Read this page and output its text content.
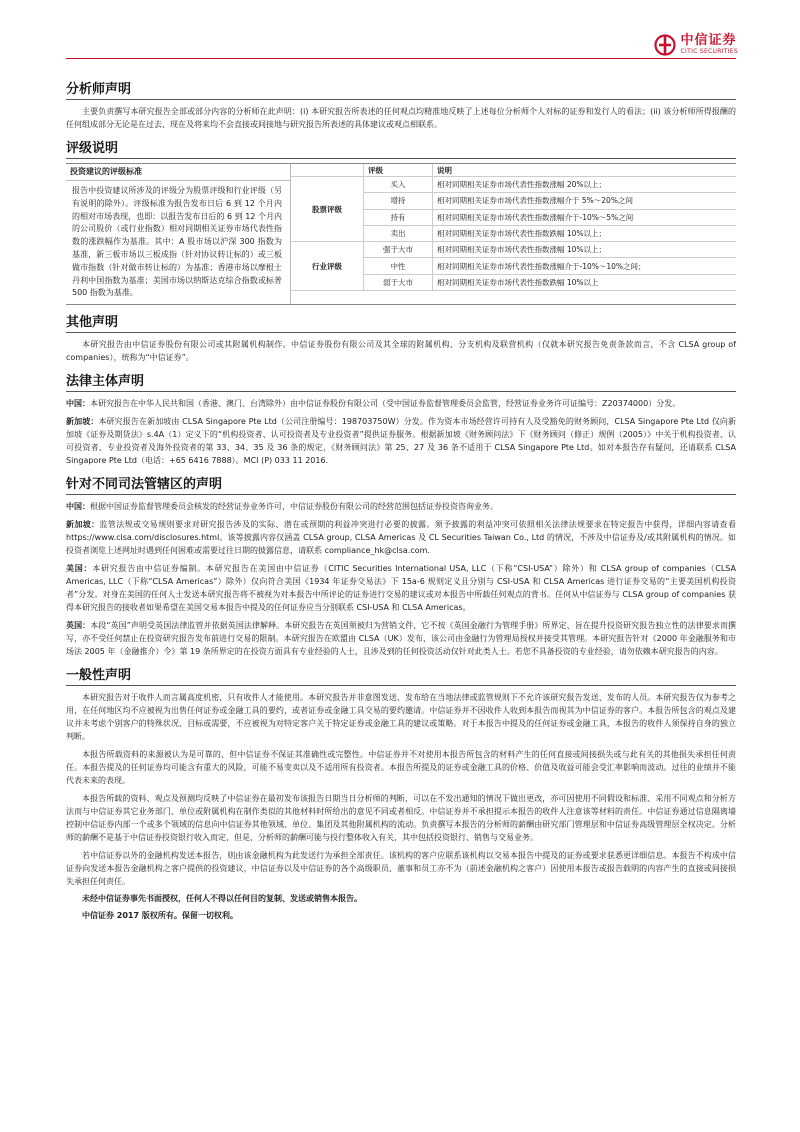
中信证券
CITIC SECURITIES
分析师声明

主要负责撰写本研究报告全部或部分内容的分析师在此声明：(i) 本研究报告所表述的任何观点均精准地反映了上述每位分析师个人对标的证券和发行人的看法；(ii) 该分析师所得报酬的任何组成部分无论是在过去、现在及将来均不会直接或间接地与研究报告所表述的具体建议或观点相联系。

评级说明
投资建议的评级标准
报告中投资建议所涉及的评级分为股票评级和行业评级（另有说明的除外）。评级标准为报告发布日后 6 到 12 个月内的相对市场表现，也即：以报告发布日后的 6 到 12 个月内的公司股价（或行业指数）相对同期相关证券市场代表性指数的涨跌幅作为基准。其中：A 股市场以沪深 300 指数为基准，新三板市场以三板成指（针对协议转让标的）或三板做市指数（针对做市转让标的）为基准；香港市场以摩根士丹利中国指数为基准；美国市场以纳斯达克综合指数或标普 500 指数为基准。
	评级	说明
股票评级	买入	相对同期相关证券市场代表性指数涨幅 20%以上；
	增持	相对同期相关证券市场代表性指数涨幅介于 5%～20%之间
	持有	相对同期相关证券市场代表性指数涨幅介于-10%～5%之间
	卖出	相对同期相关证券市场代表性指数跌幅 10%以上；
行业评级	强于大市	相对同期相关证券市场代表性指数涨幅 10%以上；
	中性	相对同期相关证券市场代表性指数涨幅介于-10%～10%之间；
	弱于大市	相对同期相关证券市场代表性指数跌幅 10%以上
其他声明

本研究报告由中信证券股份有限公司或其附属机构制作。中信证券股份有限公司及其全球的附属机构、分支机构及联营机构（仅就本研究报告免责条款而言，不含 CLSA group of companies），统称为“中信证券”。

法律主体声明

中国：本研究报告在中华人民共和国（香港、澳门、台湾除外）由中信证券股份有限公司（受中国证券监督管理委员会监管，经营证券业务许可证编号：Z20374000）分发。

新加坡：本研究报告在新加坡由 CLSA Singapore Pte Ltd（公司注册编号：198703750W）分发。作为资本市场经营许可持有人及受豁免的财务顾问，CLSA Singapore Pte Ltd 仅向新加坡《证券及期货法》s.4A（1）定义下的“机构投资者、认可投资者及专业投资者”提供证券服务。根据新加坡《财务顾问法》下《财务顾问（修正）规例（2005）》中关于机构投资者、认可投资者、专业投资者及海外投资者的第 33、34、35 及 36 条的规定，《财务顾问法》第 25、27 及 36 条不适用于 CLSA Singapore Pte Ltd。如对本报告存有疑问，还请联系 CLSA Singapore Pte Ltd（电话：+65 6416 7888）。MCI (P) 033 11 2016.

针对不同司法管辖区的声明

中国：根据中国证券监督管理委员会核发的经营证券业务许可，中信证券股份有限公司的经营范围包括证券投资咨询业务。

新加坡：监管法规或交易规则要求对研究报告涉及的实际、潜在或预期的利益冲突进行必要的披露。须予披露的利益冲突可依照相关法律法规要求在特定报告中获得，详细内容请查看 https://www.clsa.com/disclosures.html。该等披露内容仅涵盖 CLSA group, CLSA Americas 及 CL Securities Taiwan Co., Ltd 的情况，不涉及中信证券及/或其附属机构的情况。如投资者浏览上述网址时遇到任何困难或需要过往日期的披露信息，请联系 compliance_hk@clsa.com.

美国：本研究报告由中信证券编制。本研究报告在美国由中信证券（CITIC Securities International USA, LLC（下称“CSI-USA”）除外）和 CLSA group of companies（CLSA Americas, LLC（下称“CLSA Americas”）除外）仅向符合美国《1934 年证券交易法》下 15a-6 规则定义且分别与 CSI-USA 和 CLSA Americas 进行证券交易的“主要美国机构投资者”分发。对身在美国的任何人士发送本研究报告将不被视为对本报告中所评论的证券进行交易的建议或对本报告中所载任何观点的背书。任何从中信证券与 CLSA group of companies 获得本研究报告的接收者如果希望在美国交易本报告中提及的任何证券应当分别联系 CSI-USA 和 CLSA Americas。

英国：本段“英国”声明受英国法律监管并依据英国法律解释。本研究报告在英国须被归为营销文件，它不按《英国金融行为管理手册》所界定、旨在提升投资研究报告独立性的法律要求而撰写，亦不受任何禁止在投资研究报告发布前进行交易的限制。本研究报告在欧盟由 CLSA（UK）发布，该公司由金融行为管理局授权并接受其管理。本研究报告针对《2000 年金融服务和市场法 2005 年（金融推介）令》第 19 条所界定的在投资方面具有专业经验的人士，且涉及到的任何投资活动仅针对此类人士。若您不具备投资的专业经验，请勿依赖本研究报告的内容。

一般性声明

本研究报告对于收件人而言属高度机密，只有收件人才能使用。本研究报告并非意图发送、发布给在当地法律或监管规则下不允许该研究报告发送、发布的人员。本研究报告仅为参考之用，在任何地区均不应被视为出售任何证券或金融工具的要约，或者证券或金融工具交易的要约邀请。中信证券并不因收件人收到本报告而视其为中信证券的客户。本报告所包含的观点及建议并未考虑个别客户的特殊状况、目标或需要，不应被视为对特定客户关于特定证券或金融工具的建议或策略。对于本报告中提及的任何证券或金融工具，本报告的收件人须保持自身的独立判断。

本报告所载资料的来源被认为是可靠的，但中信证券不保证其准确性或完整性。中信证券并不对使用本报告所包含的材料产生的任何直接或间接损失或与此有关的其他损失承担任何责任。本报告提及的任何证券均可能含有重大的风险，可能不易变卖以及不适用所有投资者。本报告所提及的证券或金融工具的价格、价值及收益可能会受汇率影响而波动。过往的业绩并不能代表未来的表现。

本报告所载的资料、观点及预测均反映了中信证券在最初发布该报告日期当日分析师的判断，可以在不发出通知的情况下做出更改，亦可因使用不同假设和标准、采用不同观点和分析方法而与中信证券其它业务部门、单位或附属机构在制作类似的其他材料时所给出的意见不同或者相反。中信证券并不承担提示本报告的收件人注意该等材料的责任。中信证券通过信息隔离墙控制中信证券内部一个或多个领域的信息向中信证券其他领域、单位、集团及其他附属机构的流动。负责撰写本报告的分析师的薪酬由研究部门管理层和中信证券高级管理层全权决定。分析师的薪酬不是基于中信证券投资银行收入而定，但是，分析师的薪酬可能与投行整体收入有关，其中包括投资银行、销售与交易业务。

若中信证券以外的金融机构发送本报告，则由该金融机构为此发送行为承担全部责任。该机构的客户应联系该机构以交易本报告中提及的证券或要求获悉更详细信息。本报告不构成中信证券向发送本报告金融机构之客户提供的投资建议，中信证券以及中信证券的各个高级职员、董事和员工亦不为（前述金融机构之客户）因使用本报告或报告载明的内容产生的直接或间接损失承担任何责任。

未经中信证券事先书面授权，任何人不得以任何目的复制、发送或销售本报告。
中信证券 2017 版权所有。保留一切权利。
